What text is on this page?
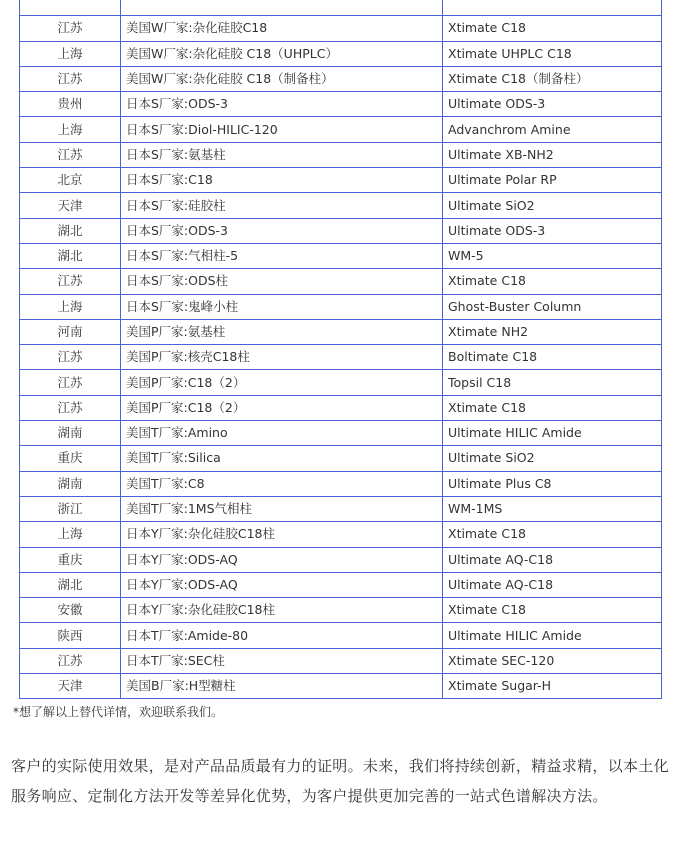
江苏	美国W厂家:杂化硅胶C18	Xtimate C18
上海	美国W厂家:杂化硅胶 C18（UHPLC）	Xtimate UHPLC C18
江苏	美国W厂家:杂化硅胶 C18（制备柱）	Xtimate C18（制备柱）
贵州	日本S厂家:ODS-3	Ultimate ODS-3
上海	日本S厂家:Diol-HILIC-120	Advanchrom Amine
江苏	日本S厂家:氨基柱	Ultimate XB-NH2
北京	日本S厂家:C18	Ultimate Polar RP
天津	日本S厂家:硅胶柱	Ultimate SiO2
湖北	日本S厂家:ODS-3	Ultimate ODS-3
湖北	日本S厂家:气相柱-5	WM-5
江苏	日本S厂家:ODS柱	Xtimate C18
上海	日本S厂家:鬼峰小柱	Ghost-Buster Column
河南	美国P厂家:氨基柱	Xtimate NH2
江苏	美国P厂家:核壳C18柱	Boltimate C18
江苏	美国P厂家:C18（2）	Topsil C18
江苏	美国P厂家:C18（2）	Xtimate C18
湖南	美国T厂家:Amino	Ultimate HILIC Amide
重庆	美国T厂家:Silica	Ultimate SiO2
湖南	美国T厂家:C8	Ultimate Plus C8
浙江	美国T厂家:1MS气相柱	WM-1MS
上海	日本Y厂家:杂化硅胶C18柱	Xtimate C18
重庆	日本Y厂家:ODS-AQ	Ultimate AQ-C18
湖北	日本Y厂家:ODS-AQ	Ultimate AQ-C18
安徽	日本Y厂家:杂化硅胶C18柱	Xtimate C18
陕西	日本T厂家:Amide-80	Ultimate HILIC Amide
江苏	日本T厂家:SEC柱	Xtimate SEC-120
天津	美国B厂家:H型糖柱	Xtimate Sugar-H
*想了解以上替代详情，欢迎联系我们。
客户的实际使用效果，是对产品品质最有力的证明。未来，我们将持续创新，精益求精，以本土化服务响应、定制化方法开发等差异化优势，为客户提供更加完善的一站式色谱解决方法。
